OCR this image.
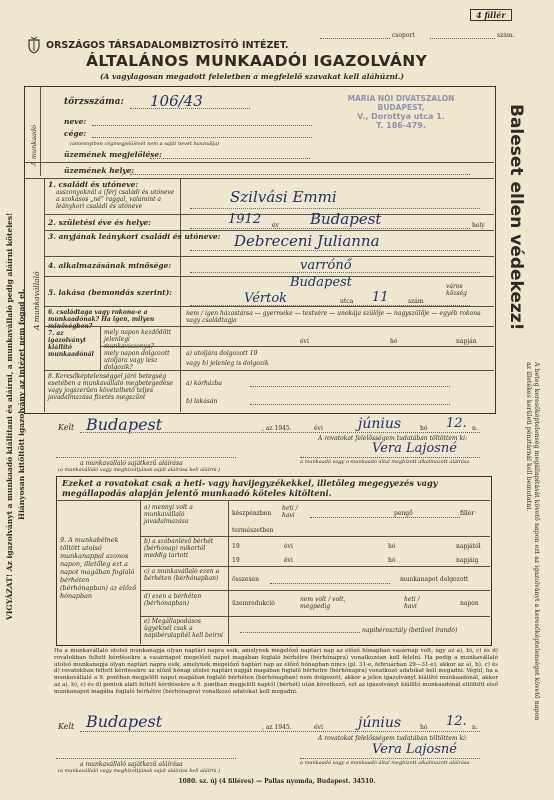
VIGYÁZAT! Az igazolványt a munkaadó kiállítani és aláírni, a munkavállaló pedig aláírni köteles! Hiányosan kitöltött igazolvány az intézet nem fogad el.
Baleset ellen védekezz!
A beteg keresőképtelenség megállapítását követő napon ezt az igazolványt a keresőképtelenséget követő napon az illetékes kerületi pénztárnál kell bemutatni.
4 fillér
csoport	szám.
ORSZÁGOS TÁRSADALOMBIZTOSÍTÓ INTÉZET.
ÁLTALÁNOS MUNKAADÓI IGAZOLVÁNY
(A vagylagosan megadott feleletben a megfelelő szavakat kell aláhúzni.)
A munkaadó
törzsszáma: 106/43
neve:
cége:
(amennyiben cégmegjelölését nem a saját nevét használja)
üzemének megjelölése:
MÁRIA NŐI DIVATSZALON
BUDAPEST,
V., Dorottya utca 1.
T. 186-479.
üzemének helye:
A munkavállaló
1. családi és utóneve:
asszonyoknál a (férj családi és utóneve a szokásos „né” raggal, valamint a leánykori családi és utóneve
Szilvási Emmi
2. születési éve és helye:	1912 év Budapest	hely
3. anyjának leánykori családi és utóneve: Debreceni Julianna
4. alkalmazásának minősége:	varrónő
5. lakása (bemondás szerint):
Budapest	város község
Vértok	utca 11	szám
6. családtaga vagy rokona-e a munkaadónak? Ha igen, milyen minőségben?
nem / igen házastársa — gyermeke — testvére — unokája szülője — nagyszülője — egyéb rokona vagy családtagja
7. az igazolványt kiállító munkaadónál
mely napon kezdődött jelenlegi munkaviszonya?
mely napon dolgozott utoljára vagy lesz dolgozik?
évi	hó	napján
a) utoljára dolgozott 19
vagy b) jelenleg is dolgozik
8. Keresőképtelenséggel járó betegség esetében a munkavállaló megbetegedése vagy jogszerűen követelhető teljes javadalmazása fizetés megszűnt
a) kórházba
b) lakásán
Kelt Budapest	, az 1945.	évi	június	hó 12. n.
A rovatokat felelősségem tudatában töltöttem ki:
Vera Lajosné
a munkaadó vagy a munkaadó által megbízott alkalmazott aláírása
a munkavállaló sajátkezű aláírása
(a munkavállaló vagy megbízottjának saját aláírása kell aláírni.)
Ezeket a rovatokat csak a heti- vagy havijegyzékekkel, illetőleg megegyezés vagy megállapodás alapján jelentő munkaadó köteles kitölteni.
9. A munkabélnek töltött utolsó munkanappal azonos napon, illetőleg ezt a napot magában foglaló bérhéten (bérhónapban) az előző hónapban
a) mennyi volt a munkavállaló javadalmazása
készpénzben
heti / havi	pengő	fillér
természetben
b) a szóbanlévő bérhét (bérhónap) mikortól meddig tartott
19	évi	hó	napjától
19	évi	hó	napjáig
c) a munkavállaló ezen a bérhéten (bérhónapban)	összesen	munkanapot dolgozott
d) ezen a bérhéten (bérhónapban)	üzemredukció
nem volt / volt, megpedig
heti / havi	napon
e) Megállapodásos ügyeknél csak a napibéralapítél kell beírni
napibérosztály (betűvel írandó)
Ha a munkavállaló utolsó munkanapja olyan naptári napra esik, amelynek megelőző naptári nap az előző hónapban vasárnap volt, úgy az a), b), c) és d) rovatokban feltett kérdésekre a vasárnapot megelőző napot magában foglaló bérhétre (bérhónapra) vonatkozóan kell felelni. Ha pedig a munkavállaló utolsó munkanapja olyan naptári napra esik, amelynek megelőző naptári nap az előző hónapban nincs (pl. 31-e, februárban 29—31-e), akkor az a), b), c) és d) rovatokban feltett kérdésekre az előző hónap utolsó naptári napját magában foglaló bérhétre (bérhónapra) vonatkozó adatokat kell megadni. Végül, ha a munkavállaló a 9. pontban megjelölt napot magában foglaló bérhéten (bérhónapban) nem dolgozott, akkor a jelen igazolványt kiállító munkaadónál, akkor az a), b), c) és d) pontok alatt feltett kérdésekre a 9. pontban megjelölt naptól (bérhét) után következő, ezt az igazolványt kiállító munkaadónál eltöltött első munkanapot magába foglaló bérhétre (bérhónapra) vonatkozó adatokat kell megadni.
Kelt Budapest	, az 1945.	évi	június	hó 12. n.
A rovatokat felelősségem tudatában töltöttem ki:
Vera Lajosné
a munkaadó vagy a munkaadó által megbízott alkalmazott aláírása
a munkavállaló sajátkezű aláírása
(a munkavállaló vagy megbízottjának saját aláírása kell aláírni.)
1080. sz. új (4 filléres) — Pallas nyomda, Budapest. 34510.
